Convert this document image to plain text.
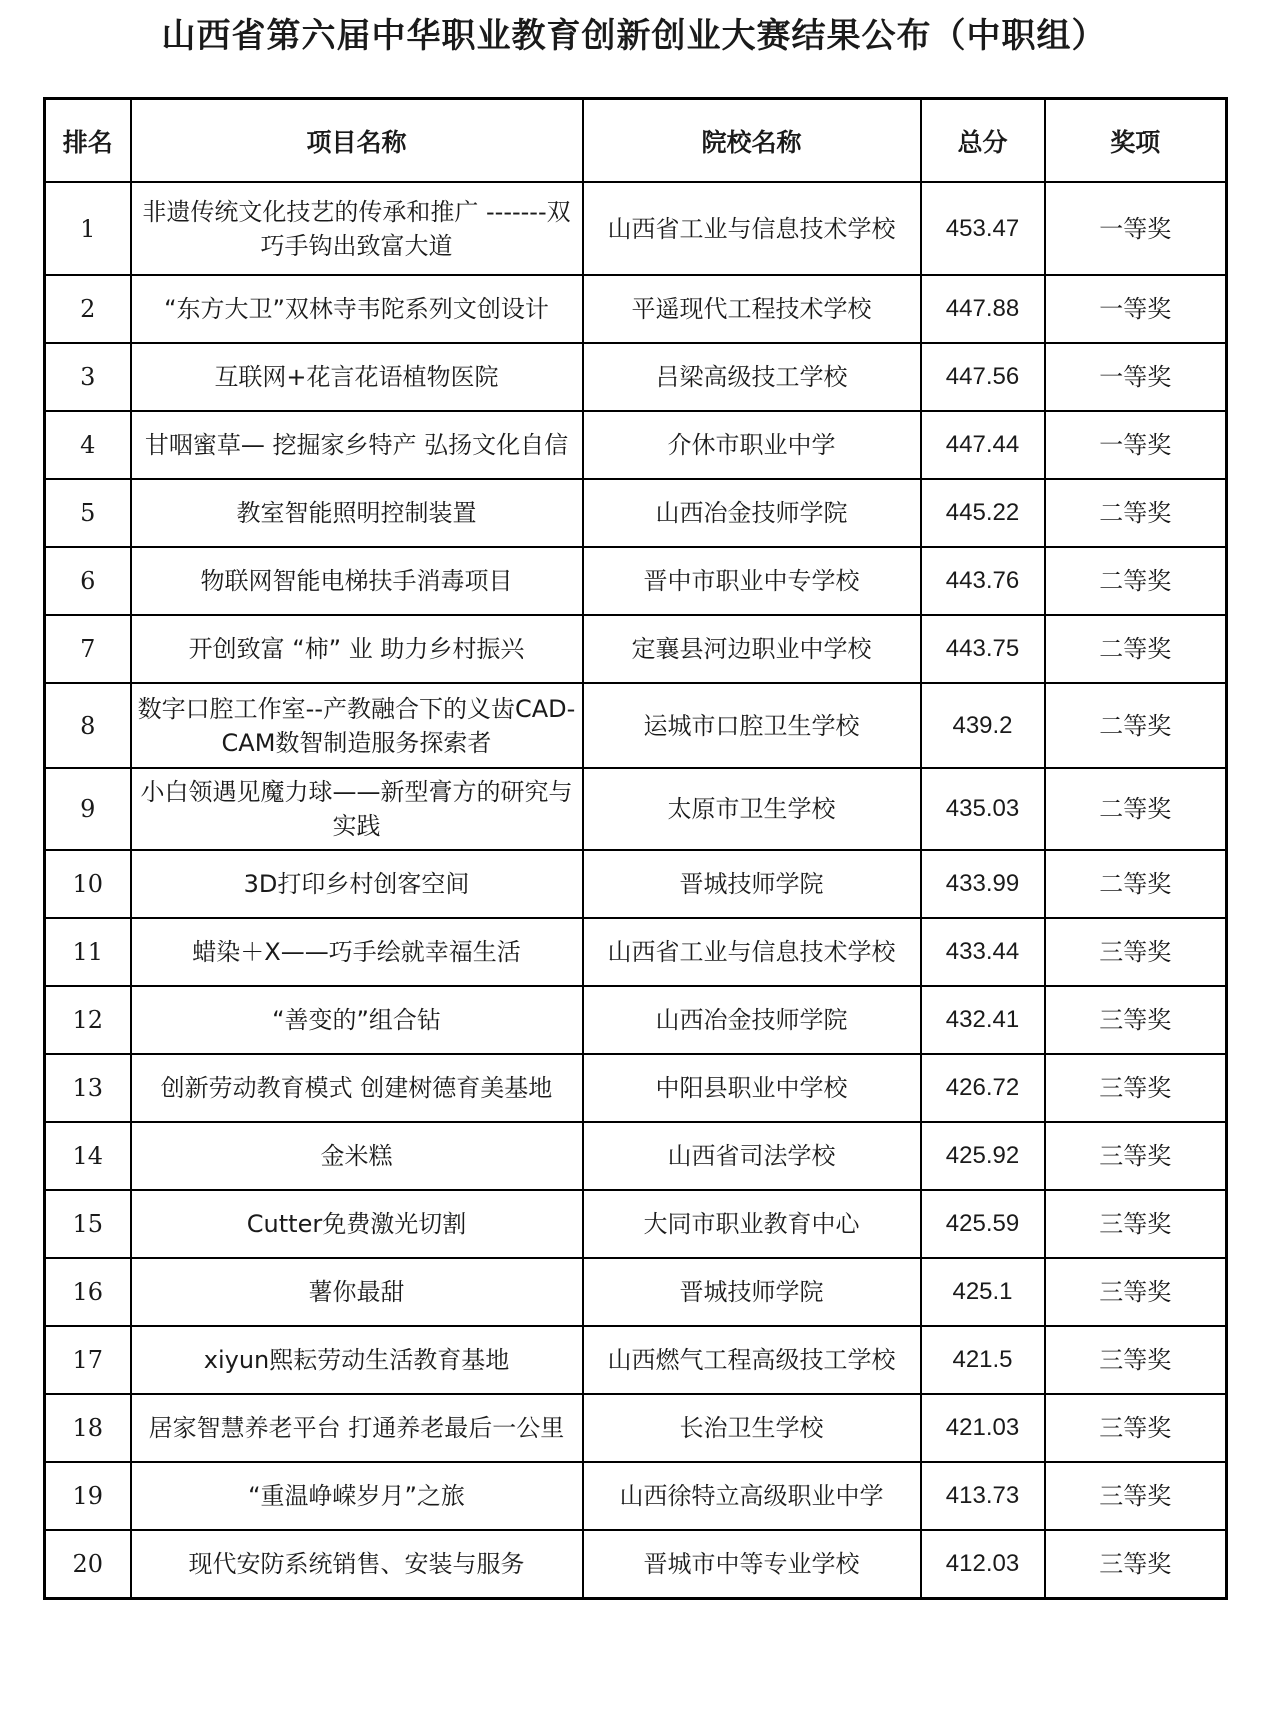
山西省第六届中华职业教育创新创业大赛结果公布（中职组）
排名	项目名称	院校名称	总分	奖项
1	非遗传统文化技艺的传承和推广 -------双巧手钩出致富大道	山西省工业与信息技术学校	453.47	一等奖
2	“东方大卫”双林寺韦陀系列文创设计	平遥现代工程技术学校	447.88	一等奖
3	互联网+花言花语植物医院	吕梁高级技工学校	447.56	一等奖
4	甘咽蜜草— 挖掘家乡特产 弘扬文化自信	介休市职业中学	447.44	一等奖
5	教室智能照明控制装置	山西冶金技师学院	445.22	二等奖
6	物联网智能电梯扶手消毒项目	晋中市职业中专学校	443.76	二等奖
7	开创致富 “柿” 业 助力乡村振兴	定襄县河边职业中学校	443.75	二等奖
8	数字口腔工作室--产教融合下的义齿CAD-CAM数智制造服务探索者	运城市口腔卫生学校	439.2	二等奖
9	小白领遇见魔力球——新型膏方的研究与实践	太原市卫生学校	435.03	二等奖
10	3D打印乡村创客空间	晋城技师学院	433.99	二等奖
11	蜡染＋X——巧手绘就幸福生活	山西省工业与信息技术学校	433.44	三等奖
12	“善变的”组合钻	山西冶金技师学院	432.41	三等奖
13	创新劳动教育模式 创建树德育美基地	中阳县职业中学校	426.72	三等奖
14	金米糕	山西省司法学校	425.92	三等奖
15	Cutter免费激光切割	大同市职业教育中心	425.59	三等奖
16	薯你最甜	晋城技师学院	425.1	三等奖
17	xiyun熙耘劳动生活教育基地	山西燃气工程高级技工学校	421.5	三等奖
18	居家智慧养老平台 打通养老最后一公里	长治卫生学校	421.03	三等奖
19	“重温峥嵘岁月”之旅	山西徐特立高级职业中学	413.73	三等奖
20	现代安防系统销售、安装与服务	晋城市中等专业学校	412.03	三等奖
